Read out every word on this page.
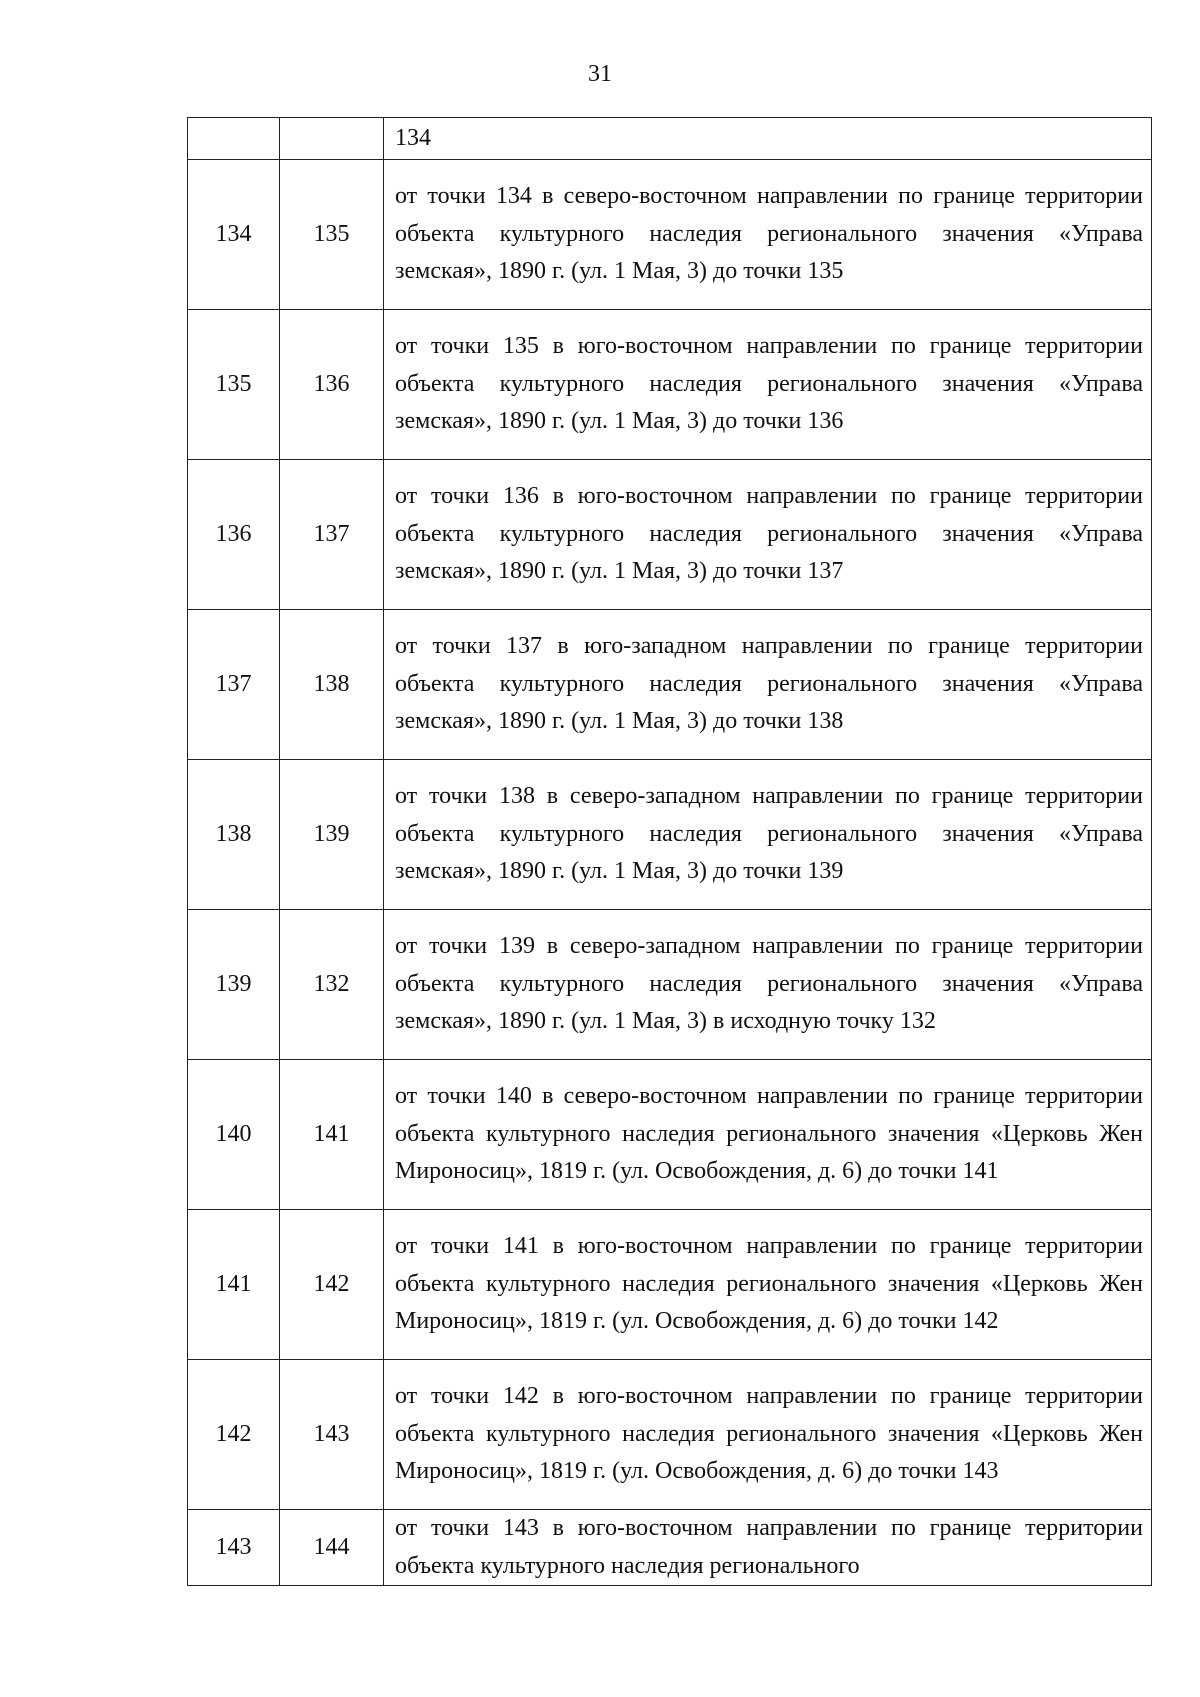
31
		134
134	135	от точки 134 в северо-восточном направлении по границе территории объекта культурного наследия регионального значения «Управа земская», 1890 г. (ул. 1 Мая, 3) до точки 135
135	136	от точки 135 в юго-восточном направлении по границе территории объекта культурного наследия регионального значения «Управа земская», 1890 г. (ул. 1 Мая, 3) до точки 136
136	137	от точки 136 в юго-восточном направлении по границе территории объекта культурного наследия регионального значения «Управа земская», 1890 г. (ул. 1 Мая, 3) до точки 137
137	138	от точки 137 в юго-западном направлении по границе территории объекта культурного наследия регионального значения «Управа земская», 1890 г. (ул. 1 Мая, 3) до точки 138
138	139	от точки 138 в северо-западном направлении по границе территории объекта культурного наследия регионального значения «Управа земская», 1890 г. (ул. 1 Мая, 3) до точки 139
139	132	от точки 139 в северо-западном направлении по границе территории объекта культурного наследия регионального значения «Управа земская», 1890 г. (ул. 1 Мая, 3) в исходную точку 132
140	141	от точки 140 в северо-восточном направлении по границе территории объекта культурного наследия регионального значения «Церковь Жен Мироносиц», 1819 г. (ул. Освобождения, д. 6) до точки 141
141	142	от точки 141 в юго-восточном направлении по границе территории объекта культурного наследия регионального значения «Церковь Жен Мироносиц», 1819 г. (ул. Освобождения, д. 6) до точки 142
142	143	от точки 142 в юго-восточном направлении по границе территории объекта культурного наследия регионального значения «Церковь Жен Мироносиц», 1819 г. (ул. Освобождения, д. 6) до точки 143
143	144	от точки 143 в юго-восточном направлении по границе территории объекта культурного наследия регионального
